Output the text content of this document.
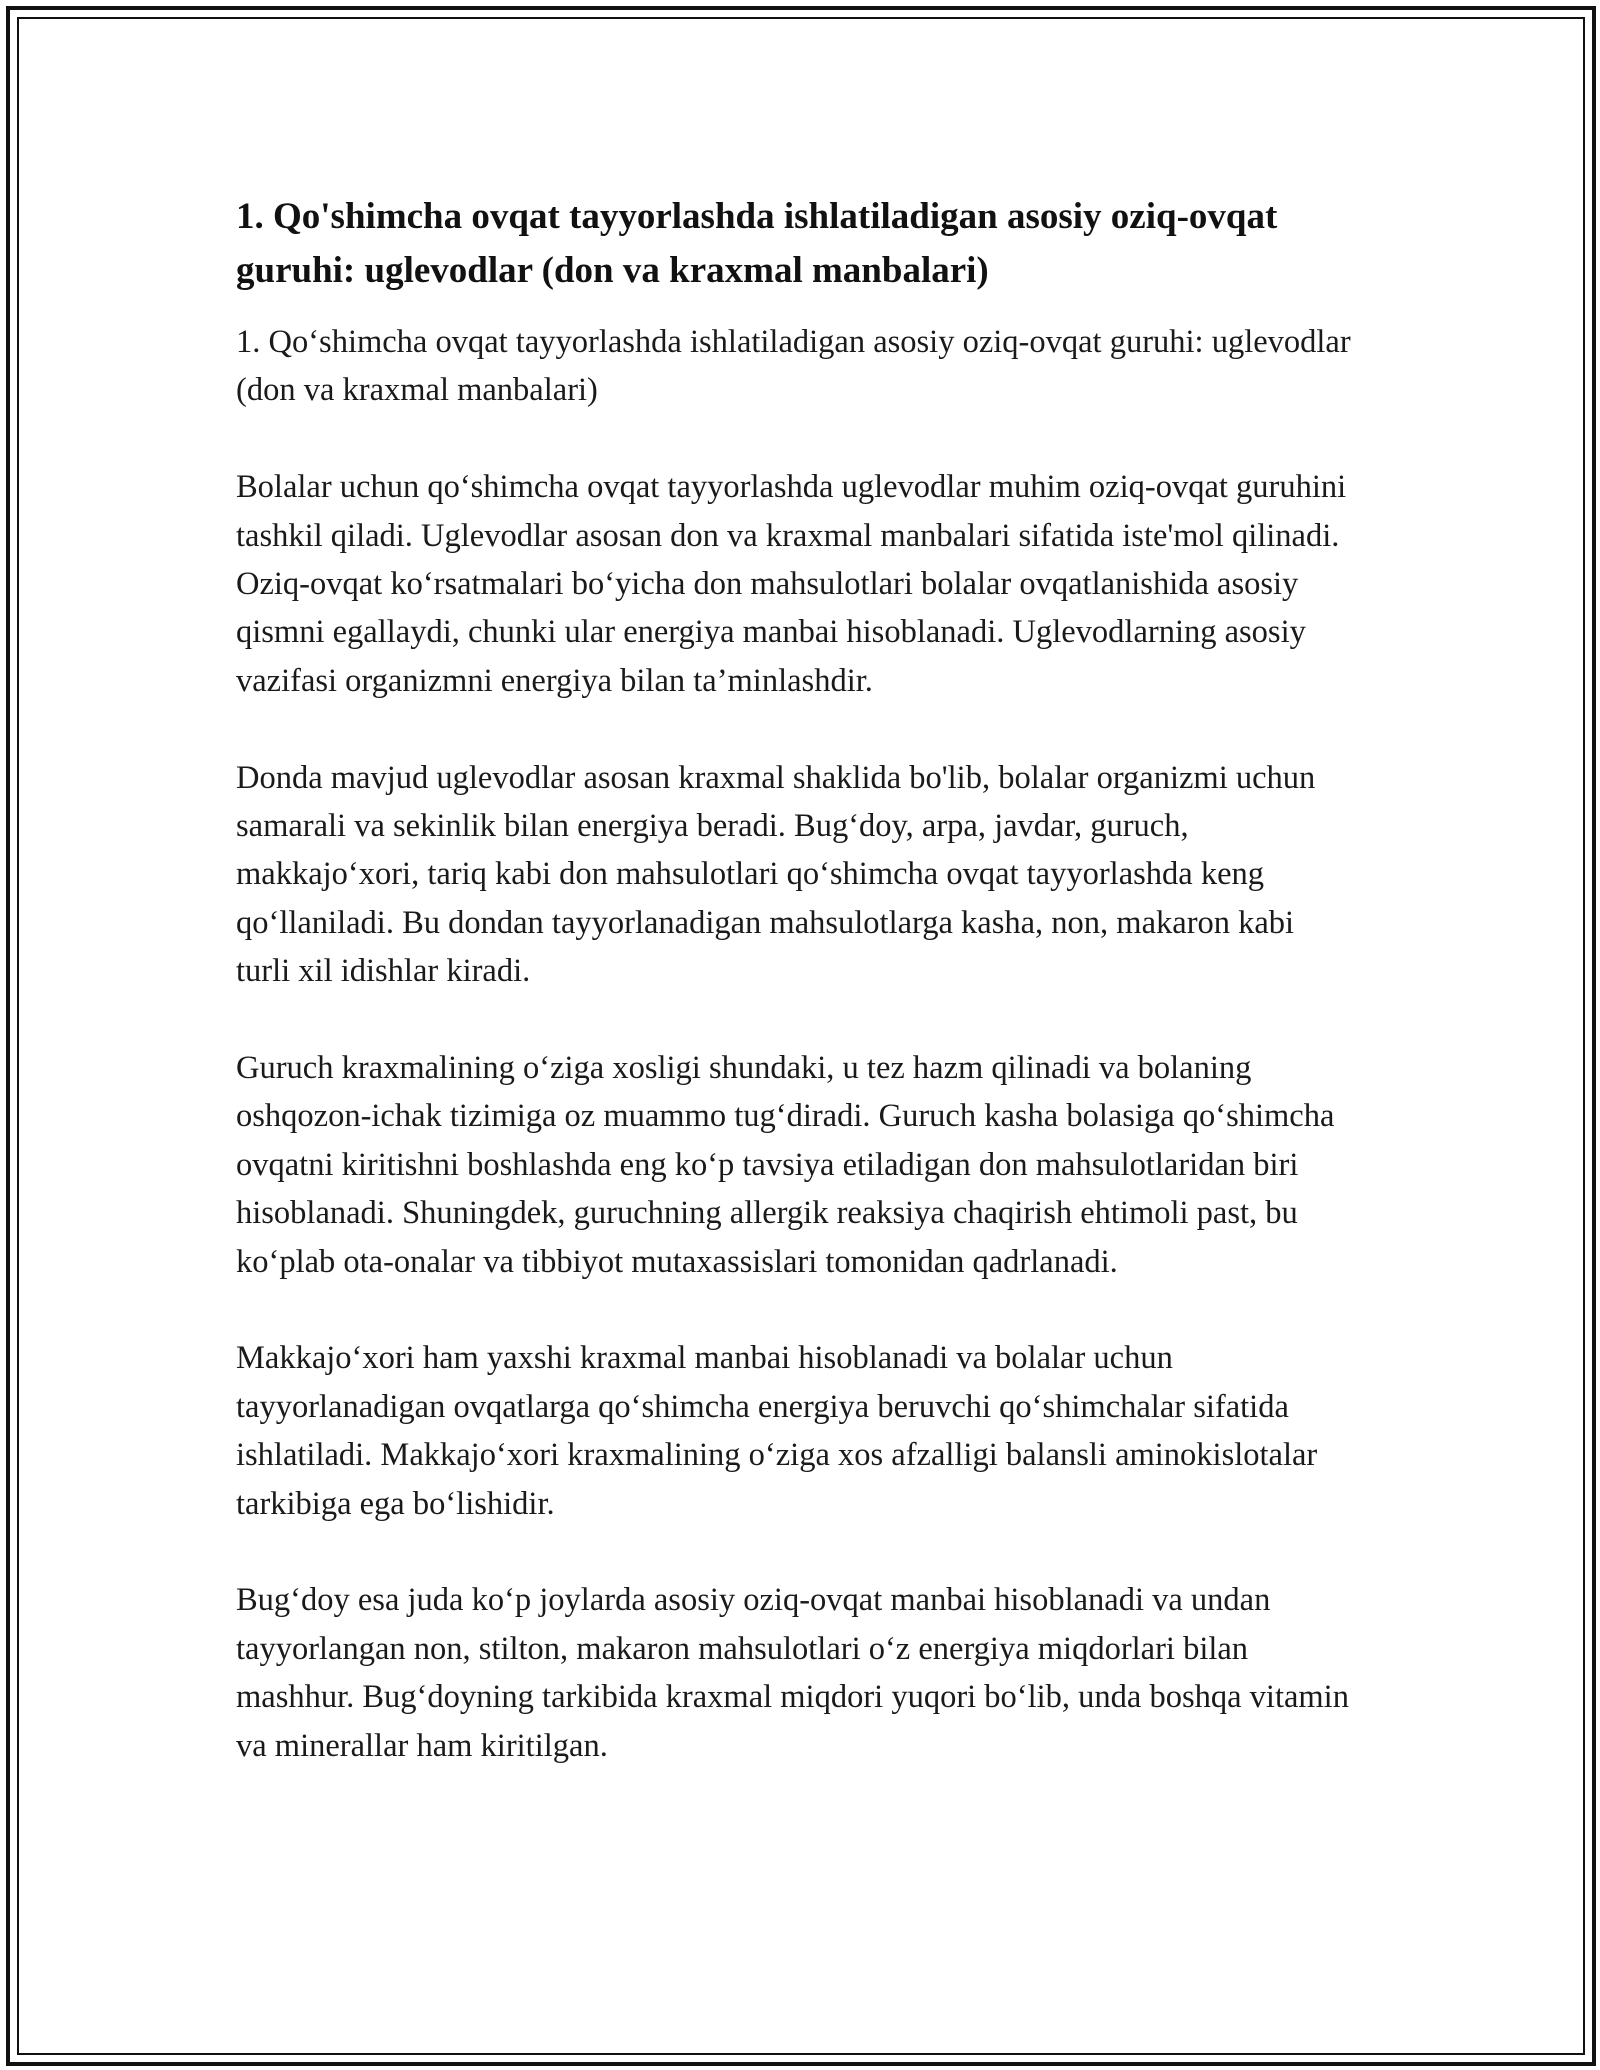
1. Qo'shimcha ovqat tayyorlashda ishlatiladigan asosiy oziq-ovqat guruhi: uglevodlar (don va kraxmal manbalari)

1. Qo‘shimcha ovqat tayyorlashda ishlatiladigan asosiy oziq-ovqat guruhi: uglevodlar (don va kraxmal manbalari)

Bolalar uchun qo‘shimcha ovqat tayyorlashda uglevodlar muhim oziq-ovqat guruhini tashkil qiladi. Uglevodlar asosan don va kraxmal manbalari sifatida iste'mol qilinadi. Oziq-ovqat ko‘rsatmalari bo‘yicha don mahsulotlari bolalar ovqatlanishida asosiy qismni egallaydi, chunki ular energiya manbai hisoblanadi. Uglevodlarning asosiy vazifasi organizmni energiya bilan ta’minlashdir.

Donda mavjud uglevodlar asosan kraxmal shaklida bo'lib, bolalar organizmi uchun samarali va sekinlik bilan energiya beradi. Bug‘doy, arpa, javdar, guruch, makkajo‘xori, tariq kabi don mahsulotlari qo‘shimcha ovqat tayyorlashda keng qo‘llaniladi. Bu dondan tayyorlanadigan mahsulotlarga kasha, non, makaron kabi turli xil idishlar kiradi.

Guruch kraxmalining o‘ziga xosligi shundaki, u tez hazm qilinadi va bolaning oshqozon-ichak tizimiga oz muammo tug‘diradi. Guruch kasha bolasiga qo‘shimcha ovqatni kiritishni boshlashda eng ko‘p tavsiya etiladigan don mahsulotlaridan biri hisoblanadi. Shuningdek, guruchning allergik reaksiya chaqirish ehtimoli past, bu ko‘plab ota-onalar va tibbiyot mutaxassislari tomonidan qadrlanadi.

Makkajo‘xori ham yaxshi kraxmal manbai hisoblanadi va bolalar uchun tayyorlanadigan ovqatlarga qo‘shimcha energiya beruvchi qo‘shimchalar sifatida ishlatiladi. Makkajo‘xori kraxmalining o‘ziga xos afzalligi balansli aminokislotalar tarkibiga ega bo‘lishidir.

Bug‘doy esa juda ko‘p joylarda asosiy oziq-ovqat manbai hisoblanadi va undan tayyorlangan non, stilton, makaron mahsulotlari o‘z energiya miqdorlari bilan mashhur. Bug‘doyning tarkibida kraxmal miqdori yuqori bo‘lib, unda boshqa vitamin va minerallar ham kiritilgan.
